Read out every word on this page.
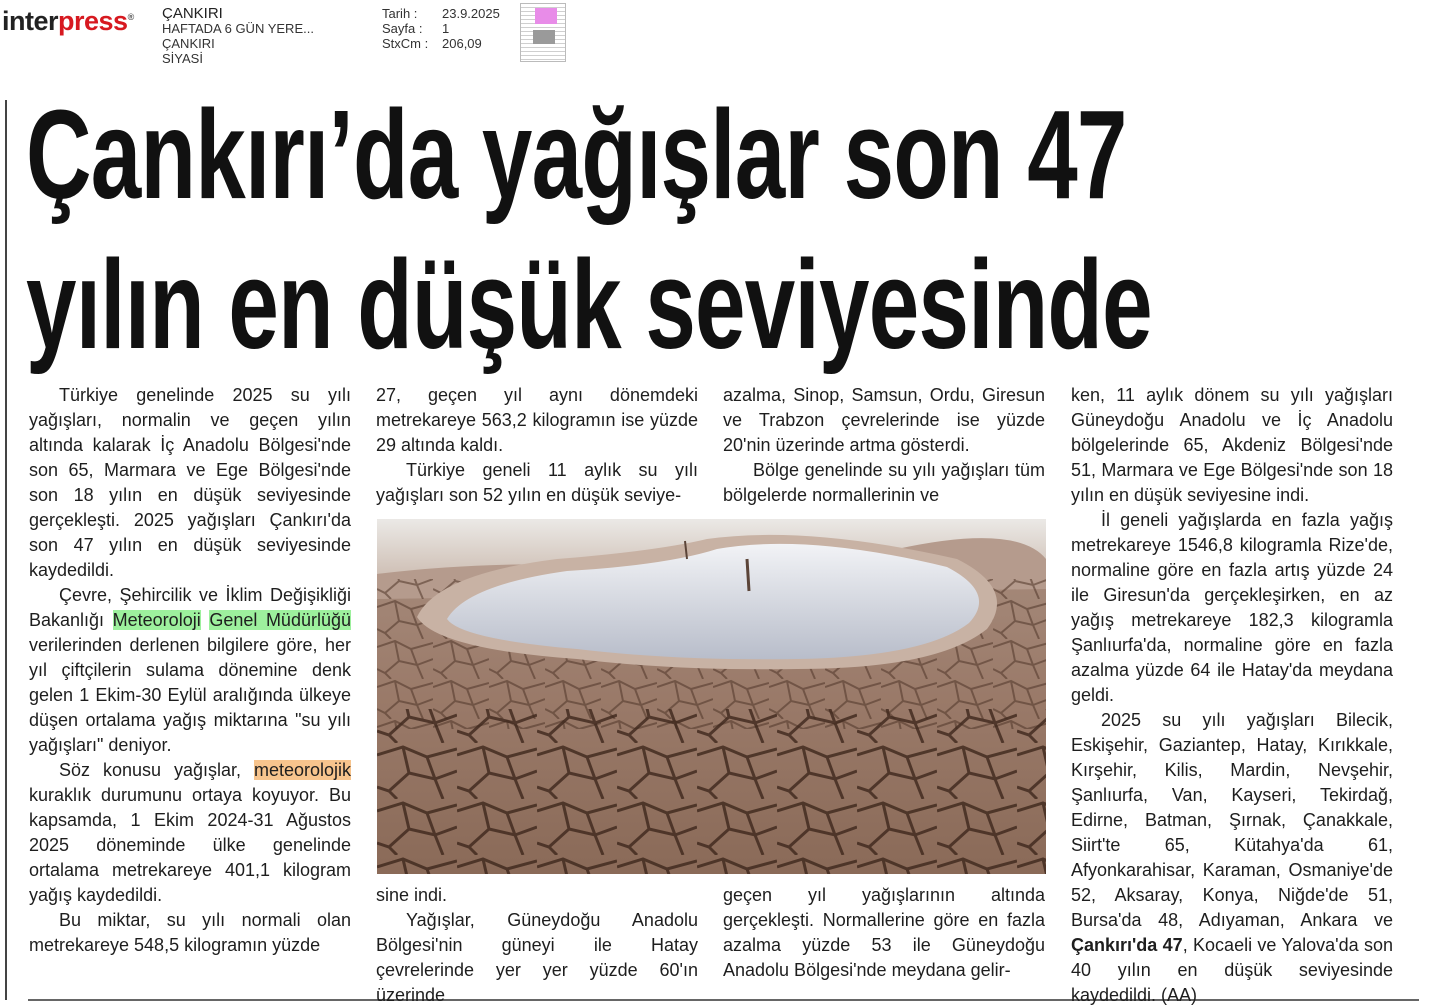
interpress® ÇANKIRI
HAFTADA 6 GÜN YERE...
ÇANKIRI
SİYASİ
Tarih :	23.9.2025
Sayfa :	1
StxCm :	206,09
Çankırı’da yağışlar son 47
yılın en düşük seviyesinde

Türkiye genelinde 2025 su yılı yağışları, normalin ve geçen yılın altında kalarak İç Anadolu Bölgesi'nde son 65, Marmara ve Ege Bölgesi'nde son 18 yılın en düşük seviyesinde gerçekleşti. 2025 yağışları Çankırı'da son 47 yılın en düşük seviyesinde kaydedildi.

Çevre, Şehircilik ve İklim Değişikliği Bakanlığı Meteoroloji Genel Müdürlüğü verilerinden derlenen bilgilere göre, her yıl çiftçilerin sulama dönemine denk gelen 1 Ekim-30 Eylül aralığında ülkeye düşen ortalama yağış miktarına "su yılı yağışları" deniyor.

Söz konusu yağışlar, meteorolojik kuraklık durumunu ortaya koyuyor. Bu kapsamda, 1 Ekim 2024-31 Ağustos 2025 döneminde ülke genelinde ortalama metrekareye 401,1 kilogram yağış kaydedildi.

Bu miktar, su yılı normali olan metrekareye 548,5 kilogramın yüzde

27, geçen yıl aynı dönemdeki metrekareye 563,2 kilogramın ise yüzde 29 altında kaldı.

Türkiye geneli 11 aylık su yılı yağışları son 52 yılın en düşük seviye-

azalma, Sinop, Samsun, Ordu, Giresun ve Trabzon çevrelerinde ise yüzde 20'nin üzerinde artma gösterdi.

Bölge genelinde su yılı yağışları tüm bölgelerde normallerinin ve

sine indi.

Yağışlar, Güneydoğu Anadolu Bölgesi'nin güneyi ile Hatay çevrelerinde yer yer yüzde 60'ın üzerinde

geçen yıl yağışlarının altında gerçekleşti. Normallerine göre en fazla azalma yüzde 53 ile Güneydoğu Anadolu Bölgesi'nde meydana gelir-

ken, 11 aylık dönem su yılı yağışları Güneydoğu Anadolu ve İç Anadolu bölgelerinde 65, Akdeniz Bölgesi'nde 51, Marmara ve Ege Bölgesi'nde son 18 yılın en düşük seviyesine indi.

İl geneli yağışlarda en fazla yağış metrekareye 1546,8 kilogramla Rize'de, normaline göre en fazla artış yüzde 24 ile Giresun'da gerçekleşirken, en az yağış metrekareye 182,3 kilogramla Şanlıurfa'da, normaline göre en fazla azalma yüzde 64 ile Hatay'da meydana geldi.

2025 su yılı yağışları Bilecik, Eskişehir, Gaziantep, Hatay, Kırıkkale, Kırşehir, Kilis, Mardin, Nevşehir, Şanlıurfa, Van, Kayseri, Tekirdağ, Edirne, Batman, Şırnak, Çanakkale, Siirt'te 65, Kütahya'da 61, Afyonkarahisar, Karaman, Osmaniye'de 52, Aksaray, Konya, Niğde'de 51, Bursa'da 48, Adıyaman, Ankara ve Çankırı'da 47, Kocaeli ve Yalova'da son 40 yılın en düşük seviyesinde kaydedildi. (AA)
